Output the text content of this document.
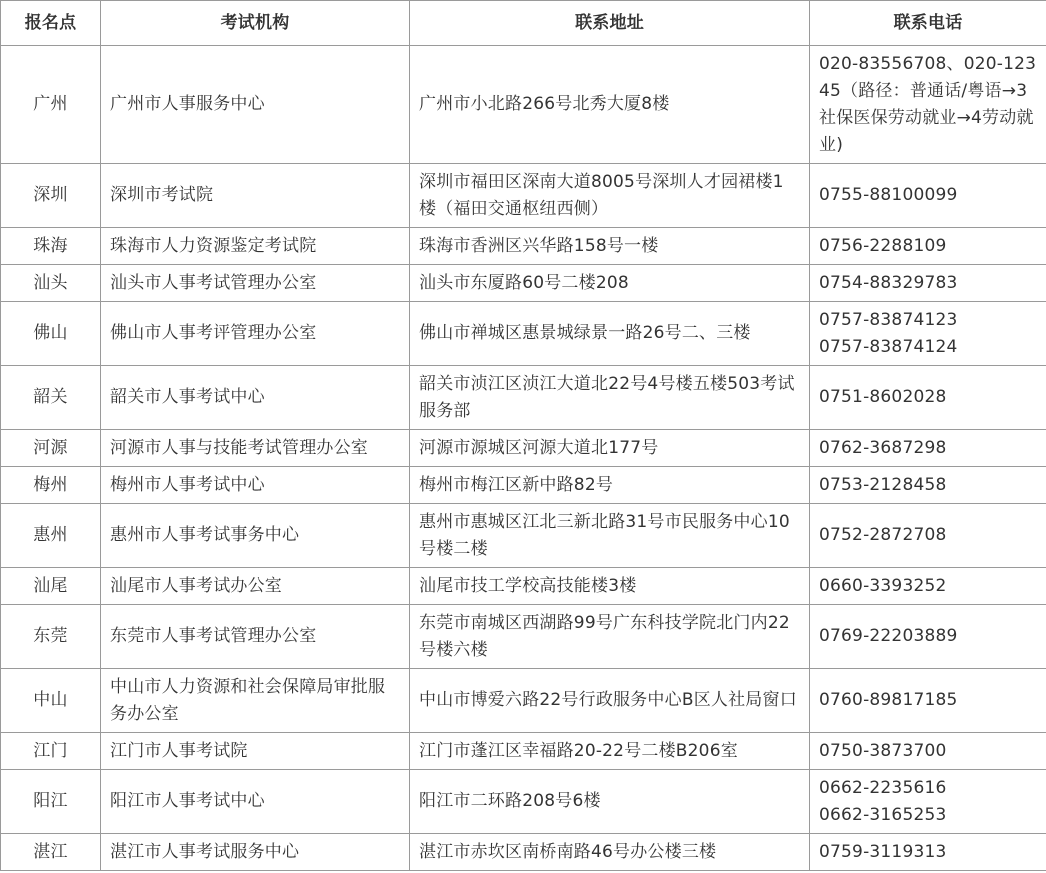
报名点	考试机构	联系地址	联系电话
广州	广州市人事服务中心	广州市小北路266号北秀大厦8楼	020-83556708、020-12345（路径：普通话/粤语→3社保医保劳动就业→4劳动就业)

深圳	深圳市考试院	深圳市福田区深南大道8005号深圳人才园裙楼1楼（福田交通枢纽西侧）	0755-88100099

珠海	珠海市人力资源鉴定考试院	珠海市香洲区兴华路158号一楼	0756-2288109

汕头	汕头市人事考试管理办公室	汕头市东厦路60号二楼208	0754-88329783

佛山	佛山市人事考评管理办公室	佛山市禅城区惠景城绿景一路26号二、三楼	0757-83874123
0757-83874124

韶关	韶关市人事考试中心	韶关市浈江区浈江大道北22号4号楼五楼503考试服务部	0751-8602028

河源	河源市人事与技能考试管理办公室	河源市源城区河源大道北177号	0762-3687298

梅州	梅州市人事考试中心	梅州市梅江区新中路82号	0753-2128458

惠州	惠州市人事考试事务中心	惠州市惠城区江北三新北路31号市民服务中心10号楼二楼	0752-2872708

汕尾	汕尾市人事考试办公室	汕尾市技工学校高技能楼3楼	0660-3393252

东莞	东莞市人事考试管理办公室	东莞市南城区西湖路99号广东科技学院北门内22号楼六楼	0769-22203889

中山	中山市人力资源和社会保障局审批服务办公室	中山市博爱六路22号行政服务中心B区人社局窗口	0760-89817185

江门	江门市人事考试院	江门市蓬江区幸福路20-22号二楼B206室	0750-3873700

阳江	阳江市人事考试中心	阳江市二环路208号6楼	0662-2235616
0662-3165253

湛江	湛江市人事考试服务中心	湛江市赤坎区南桥南路46号办公楼三楼	0759-3119313
